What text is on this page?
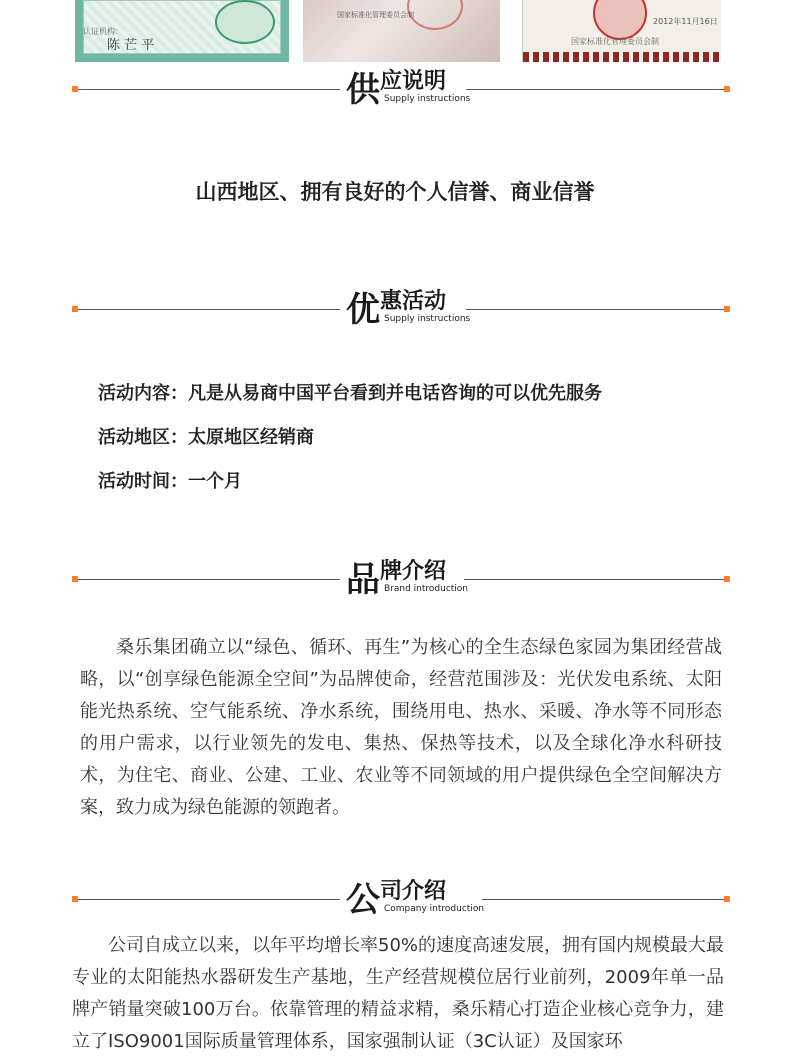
认证机构：
陈 芒 平
国家标准化管理委员会制
2012年11月16日
国家标准化管理委员会制
供应说明
Supply instructions
山西地区、拥有良好的个人信誉、商业信誉
优惠活动
Supply instructions
活动内容：凡是从易商中国平台看到并电话咨询的可以优先服务
活动地区：太原地区经销商
活动时间：一个月
品牌介绍
Brand introduction
桑乐集团确立以“绿色、循环、再生”为核心的全生态绿色家园为集团经营战略，以“创享绿色能源全空间”为品牌使命，经营范围涉及：光伏发电系统、太阳能光热系统、空气能系统、净水系统，围绕用电、热水、采暖、净水等不同形态的用户需求，以行业领先的发电、集热、保热等技术，以及全球化净水科研技术，为住宅、商业、公建、工业、农业等不同领域的用户提供绿色全空间解决方案，致力成为绿色能源的领跑者。
公司介绍
Company introduction
公司自成立以来，以年平均增长率50%的速度高速发展，拥有国内规模最大最专业的太阳能热水器研发生产基地，生产经营规模位居行业前列，2009年单一品牌产销量突破100万台。依靠管理的精益求精，桑乐精心打造企业核心竞争力，建立了ISO9001国际质量管理体系，国家强制认证（3C认证）及国家环
